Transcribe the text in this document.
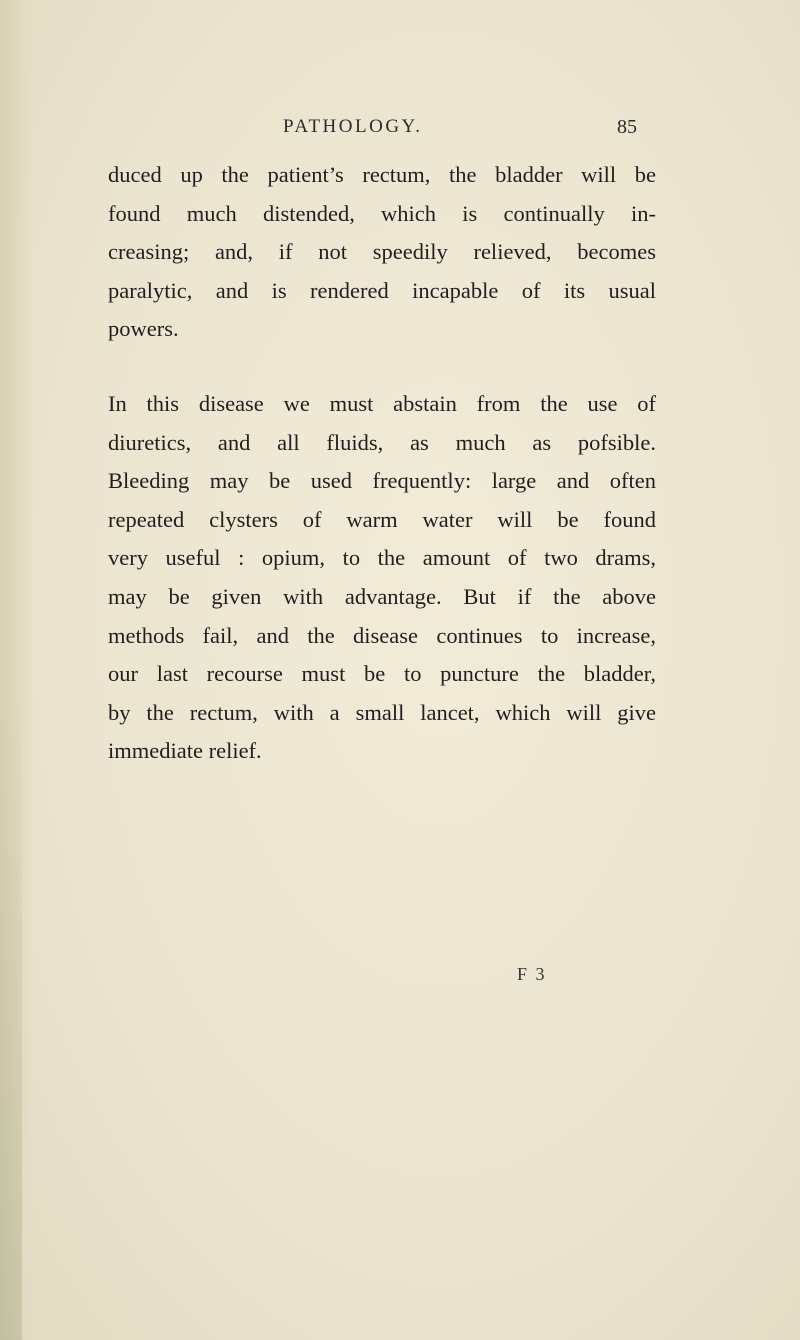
PATHOLOGY.	85
duced up the patient’s rectum, the bladder will be
found much distended, which is continually in-
creasing; and, if not speedily relieved, becomes
paralytic, and is rendered incapable of its usual
powers.
In this disease we must abstain from the use of
diuretics, and all fluids, as much as pofsible.
Bleeding may be used frequently: large and often
repeated clysters of warm water will be found
very useful : opium, to the amount of two drams,
may be given with advantage. But if the above
methods fail, and the disease continues to increase,
our last recourse must be to puncture the bladder,
by the rectum, with a small lancet, which will give
immediate relief.
F 3
